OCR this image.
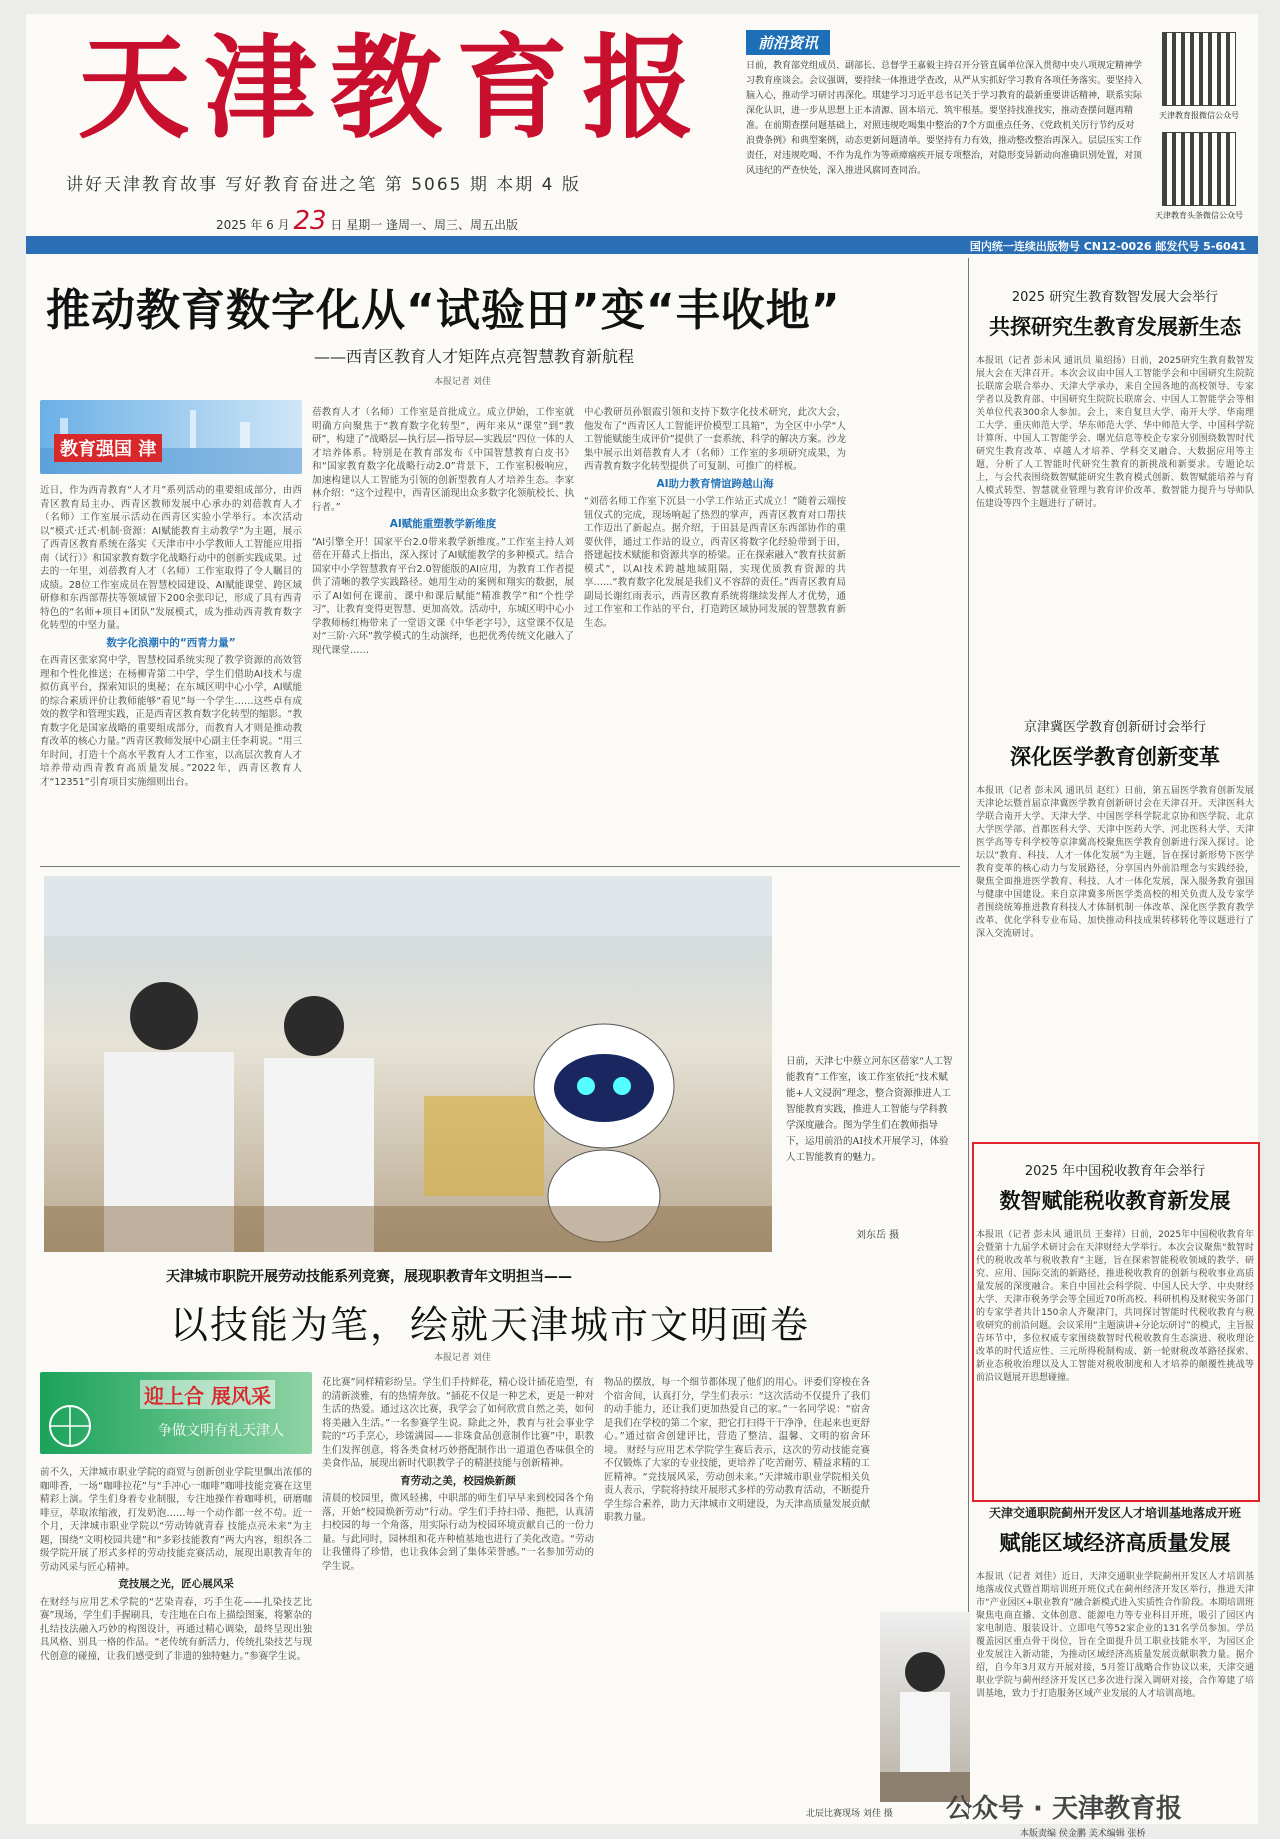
天津教育报
讲好天津教育故事 写好教育奋进之笔 第 5065 期 本期 4 版
2025 年 6 月 23 日 星期一 逢周一、周三、周五出版
前沿资讯
日前，教育部党组成员、副部长、总督学王嘉毅主持召开分管直属单位深入贯彻中央八项规定精神学习教育座谈会。会议强调，要持续一体推进学查改，从严从实抓好学习教育各项任务落实。要坚持入脑入心，推动学习研讨再深化。琪建学习习近平总书记关于学习教育的最新重要讲话精神，联系实际深化认识，进一步从思想上正本清源、固本培元、筑牢根基。要坚持找准找实，推动查摆问题再精准。在前期查摆问题基础上，对照违规吃喝集中整治的7个方面重点任务、《党政机关厉行节约反对浪费条例》和典型案例，动态更新问题清单。要坚持有力有效，推动整改整治再深入。层层压实工作责任，对违规吃喝、不作为乱作为等顽瘴痼疾开展专项整治，对隐形变异新动向准确识别处置，对顶风违纪的严查快处，深入推进风腐同查同治。
天津教育报微信公众号
天津教育头条微信公众号
国内统一连续出版物号 CN12-0026 邮发代号 5-6041
推动教育数字化从“试验田”变“丰收地”
——西青区教育人才矩阵点亮智慧教育新航程
本报记者 刘佳
教育强国 津
近日，作为西青教育“人才月”系列活动的重要组成部分，由西青区教育局主办、西青区教师发展中心承办的刘蓓教育人才（名师）工作室展示活动在西青区实验小学举行。本次活动以“模式·迁式·机制·资源：AI赋能教育主动教学”为主题，展示了西青区教育系统在落实《天津市中小学教师人工智能应用指南（试行）》和国家教育数字化战略行动中的创新实践成果。过去的一年里，刘蓓教育人才（名师）工作室取得了令人瞩目的成绩。28位工作室成员在智慧校园建设、AI赋能课堂、跨区域研修和东西部帮扶等领域留下200余张印记，形成了具有西青特色的“名师+项目+团队”发展模式，成为推动西青教育数字化转型的中坚力量。
数字化浪潮中的“西青力量”
在西青区张家窝中学，智慧校园系统实现了教学资源的高效管理和个性化推送；在杨柳青第二中学，学生们借助AI技术与虚拟仿真平台，探索知识的奥秘；在东城区明中心小学，AI赋能的综合素质评价让教师能够“看见”每一个学生……这些卓有成效的教学和管理实践，正是西青区教育数字化转型的缩影。“教育数字化是国家战略的重要组成部分，而教育人才则是推动教育改革的核心力量。”西青区教师发展中心副主任李莉说。“用三年时间，打造十个高水平教育人才工作室，以高层次教育人才培养带动西青教育高质量发展。”2022年，西青区教育人才“12351”引育项目实施细则出台。
蓓教育人才（名师）工作室是首批成立。成立伊始，工作室就明确方向聚焦于“教育数字化转型”，两年来从“课堂”到“教研”，构建了“战略层—执行层—指导层—实践层”四位一体的人才培养体系。特别是在教育部发布《中国智慧教育白皮书》和“国家教育数字化战略行动2.0”背景下，工作室积极响应，加速构建以人工智能为引领的创新型教育人才培养生态。李家林介绍：“这个过程中，西青区涌现出众多数字化领航校长、执行者。”
AI赋能重塑教学新维度
“AI引擎全开！国家平台2.0带来教学新维度。”工作室主持人刘蓓在开幕式上指出，深入探讨了AI赋能教学的多种模式。结合国家中小学智慧教育平台2.0智能版的AI应用，为教育工作者提供了清晰的教学实践路径。她用生动的案例和翔实的数据，展示了AI如何在课前、课中和课后赋能“精准教学”和“个性学习”，让教育变得更智慧、更加高效。活动中，东城区明中心小学教师杨红梅带来了一堂语文课《中华老字号》，这堂课不仅是对“三阶·六环”教学模式的生动演绎，也把优秀传统文化融入了现代课堂……
中心教研员孙银霞引领和支持下数字化技术研究，此次大会，他发布了“西青区人工智能评价模型工具箱”，为全区中小学“人工智能赋能生成评价”提供了一套系统、科学的解决方案。沙龙集中展示出刘蓓教育人才（名师）工作室的多项研究成果，为西青教育数字化转型提供了可复制、可推广的样板。
AI助力教育情谊跨越山海
“刘蓓名师工作室下沉县一小学工作站正式成立！”随着云端按钮仪式的完成，现场响起了热烈的掌声，西青区教育对口帮扶工作迈出了新起点。据介绍，于田县是西青区东西部协作的重要伙伴，通过工作站的设立，西青区将数字化经验带到于田，搭建起技术赋能和资源共享的桥梁。正在探索融入“教育扶贫新模式”，以AI技术跨越地域阻隔，实现优质教育资源的共享……“教育数字化发展是我们义不容辞的责任。”西青区教育局副局长谢红雨表示，西青区教育系统将继续发挥人才优势，通过工作室和工作站的平台，打造跨区域协同发展的智慧教育新生态。
日前，天津七中蔡立河东区蓓家“人工智能教育”工作室，该工作室依托“技术赋能+人文浸润”理念，整合资源推进人工智能教育实践，推进人工智能与学科教学深度融合。图为学生们在教师指导下，运用前沿的AI技术开展学习，体验人工智能教育的魅力。
刘东岳 摄
天津城市职院开展劳动技能系列竞赛，展现职教青年文明担当——
以技能为笔，绘就天津城市文明画卷
本报记者 刘佳
迎上合 展风采
争做文明有礼天津人
前不久，天津城市职业学院的商贸与创新创业学院里飘出浓郁的咖啡香，一场“咖啡拉花”与“手冲心一咖啡”咖啡技能竞赛在这里精彩上演。学生们身着专业制服，专注地操作着咖啡机，研磨咖啡豆，萃取浓缩液，打发奶泡……每一个动作都一丝不苟。近一个月，天津城市职业学院以“劳动铸就青春 技能点亮未来”为主题，围绕“文明校园共建”和“多彩技能教育”两大内容，组织各二级学院开展了形式多样的劳动技能竞赛活动，展现出职教青年的劳动风采与匠心精神。
竞技展之光，匠心展风采
在财经与应用艺术学院的“艺染青春，巧手生花——扎染技艺比赛”现场，学生们手握刷具，专注地在白布上描绘图案，将繁杂的扎结技法融入巧妙的构图设计，再通过精心调染，最终呈现出独具风格、别具一格的作品。“老传统有新活力，传统扎染技艺与现代创意的碰撞，让我们感受到了非遗的独特魅力。”参赛学生说。
花比赛”同样精彩纷呈。学生们手持鲜花，精心设计插花造型，有的清新淡雅，有的热情奔放。“插花不仅是一种艺术，更是一种对生活的热爱。通过这次比赛，我学会了如何欣赏自然之美，如何将美融入生活。”一名参赛学生说。除此之外，教育与社会事业学院的“巧手烹心，珍馐满园——非珠食品创意制作比赛”中，职教生们发挥创意，将各类食材巧妙搭配制作出一道道色香味俱全的美食作品，展现出新时代职教学子的精湛技能与创新精神。
育劳动之美，校园焕新颜
清晨的校园里，微风轻拂，中职部的师生们早早来到校园各个角落，开始“校园焕新劳动”行动。学生们手持扫帚、拖把，认真清扫校园的每一个角落，用实际行动为校园环境贡献自己的一份力量。与此同时，园林组和花卉种植基地也进行了美化改造。“劳动让我懂得了珍惜，也让我体会到了集体荣誉感。”一名参加劳动的学生说。
物品的摆放，每一个细节都体现了他们的用心。评委们穿梭在各个宿舍间，认真打分，学生们表示：“这次活动不仅提升了我们的动手能力，还让我们更加热爱自己的家。”一名同学说：“宿舍是我们在学校的第二个家，把它打扫得干干净净，住起来也更舒心。”通过宿舍创建评比，营造了整洁、温馨、文明的宿舍环境。 财经与应用艺术学院学生赛后表示，这次的劳动技能竞赛不仅锻炼了大家的专业技能，更培养了吃苦耐劳、精益求精的工匠精神。“竞技展风采，劳动创未来。”天津城市职业学院相关负责人表示，学院将持续开展形式多样的劳动教育活动，不断提升学生综合素养，助力天津城市文明建设，为天津高质量发展贡献职教力量。
2025 研究生教育数智发展大会举行
共探研究生教育发展新生态
本报讯（记者 彭未风 通讯员 巢绍扬）日前，2025研究生教育数智发展大会在天津召开。本次会议由中国人工智能学会和中国研究生院院长联席会联合举办、天津大学承办，来自全国各地的高校领导、专家学者以及教育部、中国研究生院院长联席会、中国人工智能学会等相关单位代表300余人参加。会上，来自复旦大学、南开大学、华南理工大学、重庆师范大学、华东师范大学、华中师范大学、中国科学院计算所、中国人工智能学会、曙光信息等校企专家分别围绕数智时代研究生教育改革、卓越人才培养、学科交叉融合、大数据应用等主题，分析了人工智能时代研究生教育的新挑战和新要求。专题论坛上，与会代表围绕数智赋能研究生教育模式创新、数智赋能培养与育人模式转型、智慧就业管理与教育评价改革、数智能力提升与导师队伍建设等四个主题进行了研讨。
京津冀医学教育创新研讨会举行
深化医学教育创新变革
本报讯（记者 彭未风 通讯员 赵红）日前，第五届医学教育创新发展天津论坛暨首届京津冀医学教育创新研讨会在天津召开。天津医科大学联合南开大学、天津大学、中国医学科学院北京协和医学院、北京大学医学部、首都医科大学、天津中医药大学、河北医科大学、天津医学高等专科学校等京津冀高校聚焦医学教育创新进行深入探讨。论坛以“教育、科技、人才一体化发展”为主题，旨在探讨新形势下医学教育变革的核心动力与发展路径，分享国内外前沿理念与实践经验，聚焦全面推进医学教育、科技、人才一体化发展，深入服务教育强国与健康中国建设。来自京津冀多所医学类高校的相关负责人及专家学者围绕统筹推进教育科技人才体制机制一体改革、深化医学教育教学改革、优化学科专业布局、加快推动科技成果转移转化等议题进行了深入交流研讨。
2025 年中国税收教育年会举行
数智赋能税收教育新发展
本报讯（记者 彭未风 通讯员 王秦祥）日前，2025年中国税收教育年会暨第十九届学术研讨会在天津财经大学举行。本次会议聚焦“数智时代的税收改革与税收教育”主题，旨在探索智能税收领域的教学、研究、应用、国际交流的新路径，推进税收教育的创新与税收事业高质量发展的深度融合。来自中国社会科学院、中国人民大学、中央财经大学、天津市税务学会等全国近70所高校、科研机构及财税实务部门的专家学者共计150余人齐聚津门，共同探讨智能时代税收教育与税收研究的前沿问题。会议采用“主题演讲+分论坛研讨”的模式，主旨报告环节中，多位权威专家围绕数智时代税收教育生态演进、税收理论改革的时代适应性、三元所得税制构成、新一轮财税改革路径探索、新业态税收治理以及人工智能对税收制度和人才培养的颠覆性挑战等前沿议题展开思想碰撞。
天津交通职院蓟州开发区人才培训基地落成开班
赋能区域经济高质量发展
本报讯（记者 刘佳）近日，天津交通职业学院蓟州开发区人才培训基地落成仪式暨首期培训班开班仪式在蓟州经济开发区举行，推进天津市“产业园区+职业教育”融合新模式进入实质性合作阶段。本期培训班聚焦电商直播、文体创意、能源电力等专业科目开班，吸引了园区内家电制造、服装设计、立即电气等52家企业的131名学员参加。学员覆盖园区重点骨干岗位，旨在全面提升员工职业技能水平，为园区企业发展注入新动能，为推动区域经济高质量发展贡献职教力量。据介绍，自今年3月双方开展对接，5月签订战略合作协议以来，天津交通职业学院与蓟州经济开发区已多次进行深入调研对接，合作筹建了培训基地，致力于打造服务区域产业发展的人才培训高地。
北辰比赛现场 刘佳 摄 公众号 · 天津教育报
本版责编 侯金鹏 美术编辑 张桥
